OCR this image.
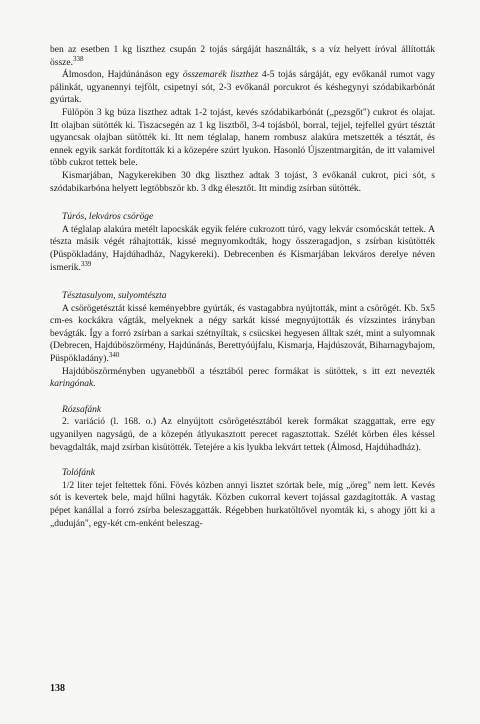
ben az esetben 1 kg liszthez csupán 2 tojás sárgáját használták, s a víz helyett íróval állították össze.$^{338}$

Álmosdon, Hajdúnánáson egy összemarék liszthez 4-5 tojás sárgáját, egy evőkanál rumot vagy pálinkát, ugyanennyi tejfölt, csipetnyi sót, 2-3 evőkanál porcukrot és késhegynyi szódabikarbónát gyúrtak.

Fülöpön 3 kg búza liszthez adtak 1-2 tojást, kevés szódabikarbónát („pezsgőt") cukrot és olajat. Itt olajban sütötték ki. Tiszacsegén az 1 kg lisztből, 3-4 tojásból, borral, tejjel, tejfellel gyúrt tésztát ugyancsak olajban sütötték ki. Itt nem téglalap, hanem rombusz alakúra metszették a tésztát, és ennek egyik sarkát fordították ki a közepére szúrt lyukon. Hasonló Újszentmargitán, de itt valamivel több cukrot tettek bele.

Kismarjában, Nagykerekiben 30 dkg liszthez adtak 3 tojást, 3 evőkanál cukrot, pici sót, s szódabikarbóna helyett legtöbbször kb. 3 dkg élesztőt. Itt mindig zsírban sütötték.

Túrós, lekváros csöröge

A téglalap alakúra metélt lapocskák egyik felére cukrozott túró, vagy lekvár csomócskát tettek. A tészta másik végét ráhajtották, kissé megnyomkodták, hogy összeragadjon, s zsírban kisütötték (Püspökladány, Hajdúhadház, Nagykereki). Debrecenben és Kismarjában lekváros derelye néven ismerik.$^{339}$

Tésztasulyom, sulyomtészta

A csörögetésztát kissé keményebbre gyúrták, és vastagabbra nyújtották, mint a csörögét. Kb. 5x5 cm-es kockákra vágták, melyeknek a négy sarkát kissé megnyújtották és vízszintes irányban bevágták. Így a forró zsírban a sarkai szétnyíltak, s csücskei hegyesen álltak szét, mint a sulyomnak (Debrecen, Hajdúböszörmény, Hajdúnánás, Berettyóújfalu, Kismarja, Hajdúszovát, Biharnagybajom, Püspökladány).$^{340}$

Hajdúböszörményben ugyanebből a tésztából perec formákat is sütöttek, s itt ezt nevezték karingónak.

Rózsafánk

2. variáció (l. 168. o.) Az elnyújtott csörögetésztából kerek formákat szaggattak, erre egy ugyanilyen nagyságú, de a közepén átlyukasztott perecet ragasztottak. Szélét körben éles késsel bevagdalták, majd zsírban kisütötték. Tetejére a kis lyukba lekvárt tettek (Álmosd, Hajdúhadház).

Tolófánk

1/2 liter tejet feltettek főni. Fövés közben annyi lisztet szórtak bele, míg „öreg" nem lett. Kevés sót is kevertek bele, majd hűlni hagyták. Közben cukorral kevert tojással gazdagították. A vastag pépet kanállal a forró zsírba beleszaggatták. Régebben hurkatöltővel nyomták ki, s ahogy jött ki a „duduján", egy-két cm-enként beleszag-

138
